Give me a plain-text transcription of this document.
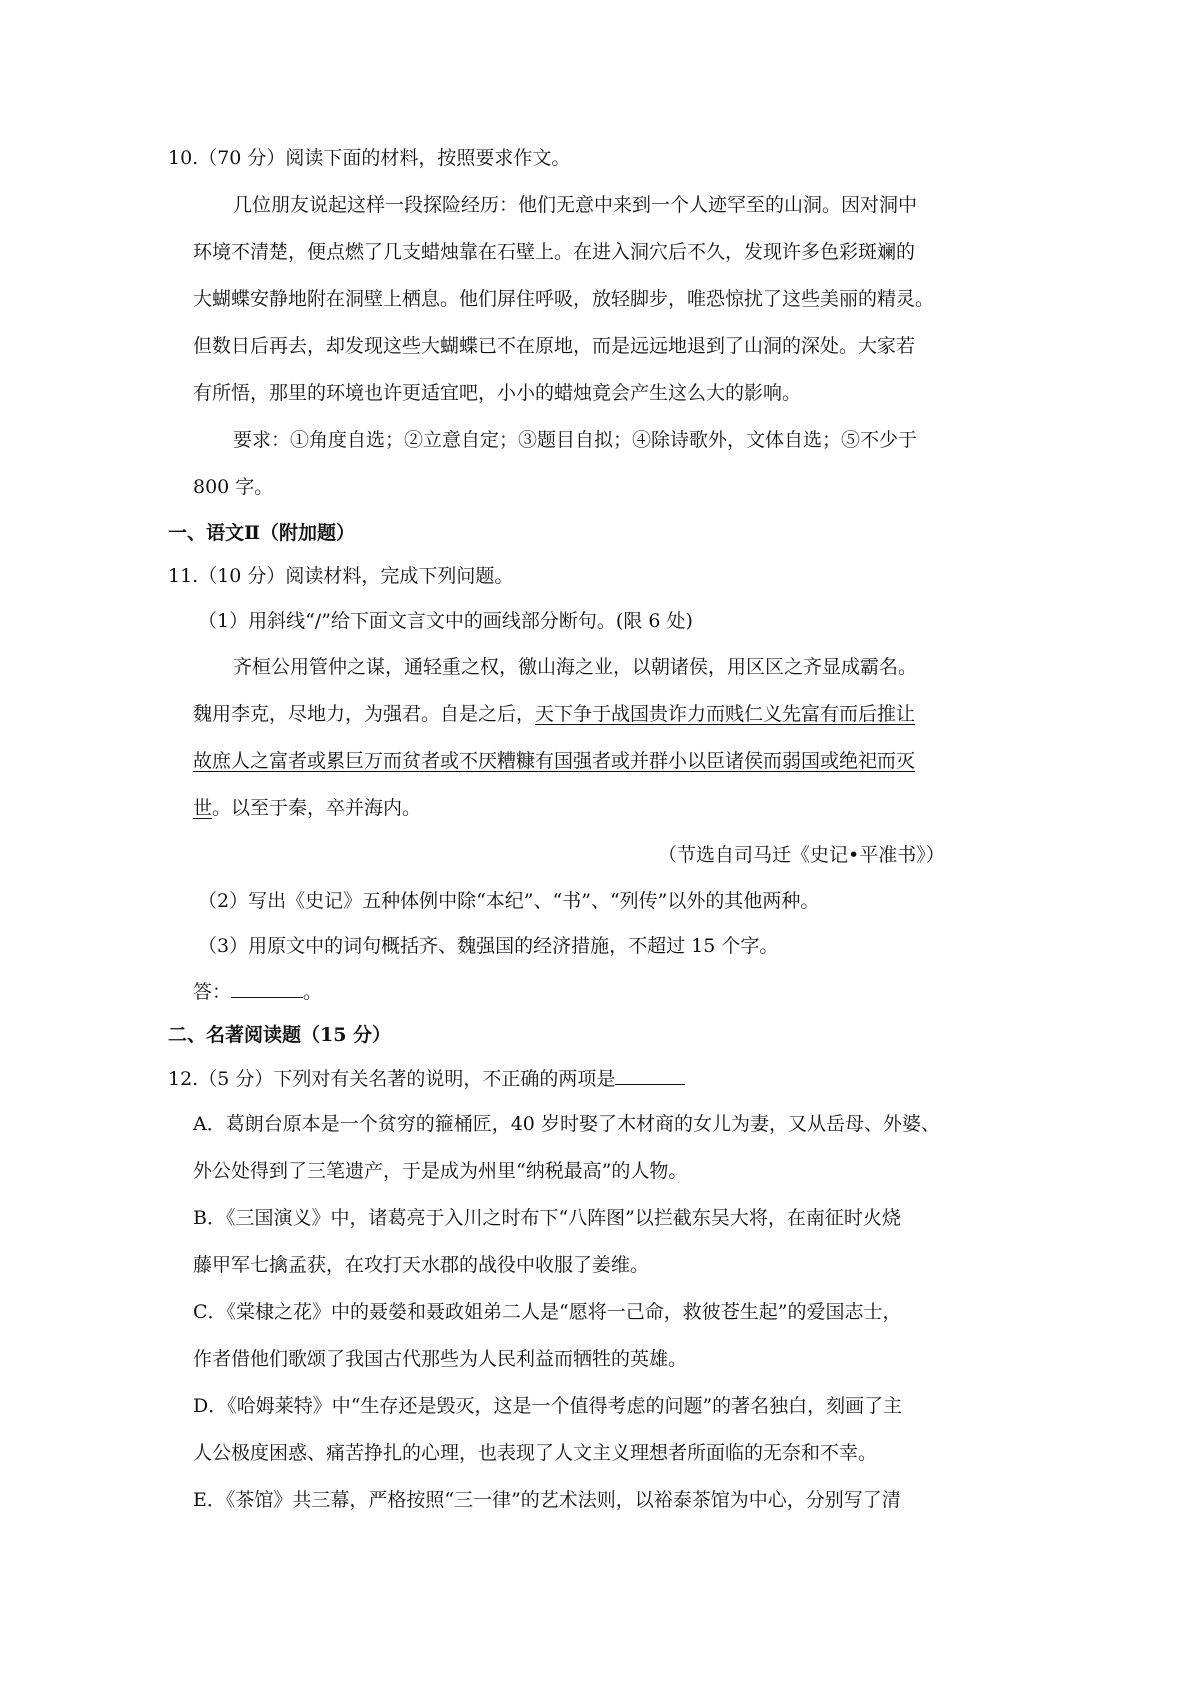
10.（70 分）阅读下面的材料，按照要求作文。
几位朋友说起这样一段探险经历：他们无意中来到一个人迹罕至的山洞。因对洞中
环境不清楚，便点燃了几支蜡烛靠在石壁上。在进入洞穴后不久，发现许多色彩斑斓的
大蝴蝶安静地附在洞壁上栖息。他们屏住呼吸，放轻脚步，唯恐惊扰了这些美丽的精灵。
但数日后再去，却发现这些大蝴蝶已不在原地，而是远远地退到了山洞的深处。大家若
有所悟，那里的环境也许更适宜吧，小小的蜡烛竟会产生这么大的影响。
要求：①角度自选；②立意自定；③题目自拟；④除诗歌外，文体自选；⑤不少于
800 字。
一、语文Ⅱ（附加题）
11.（10 分）阅读材料，完成下列问题。
（1）用斜线“/”给下面文言文中的画线部分断句。(限 6 处)
齐桓公用管仲之谋，通轻重之权，徼山海之业，以朝诸侯，用区区之齐显成霸名。
魏用李克，尽地力，为强君。自是之后，天下争于战国贵诈力而贱仁义先富有而后推让
故庶人之富者或累巨万而贫者或不厌糟糠有国强者或并群小以臣诸侯而弱国或绝祀而灭
世。以至于秦，卒并海内。
（节选自司马迁《史记•平准书》）
（2）写出《史记》五种体例中除“本纪”、“书”、“列传”以外的其他两种。
（3）用原文中的词句概括齐、魏强国的经济措施，不超过 15 个字。
答：	。
二、名著阅读题（15 分）
12.（5 分）下列对有关名著的说明，不正确的两项是
A．葛朗台原本是一个贫穷的箍桶匠，40 岁时娶了木材商的女儿为妻，又从岳母、外婆、
外公处得到了三笔遗产，于是成为州里“纳税最高”的人物。
B．《三国演义》中，诸葛亮于入川之时布下“八阵图”以拦截东吴大将，在南征时火烧
藤甲军七擒孟获，在攻打天水郡的战役中收服了姜维。
C．《棠棣之花》中的聂嫈和聂政姐弟二人是“愿将一己命，救彼苍生起”的爱国志士，
作者借他们歌颂了我国古代那些为人民利益而牺牲的英雄。
D．《哈姆莱特》中“生存还是毁灭，这是一个值得考虑的问题”的著名独白，刻画了主
人公极度困惑、痛苦挣扎的心理，也表现了人文主义理想者所面临的无奈和不幸。
E．《茶馆》共三幕，严格按照“三一律”的艺术法则，以裕泰茶馆为中心，分别写了清
